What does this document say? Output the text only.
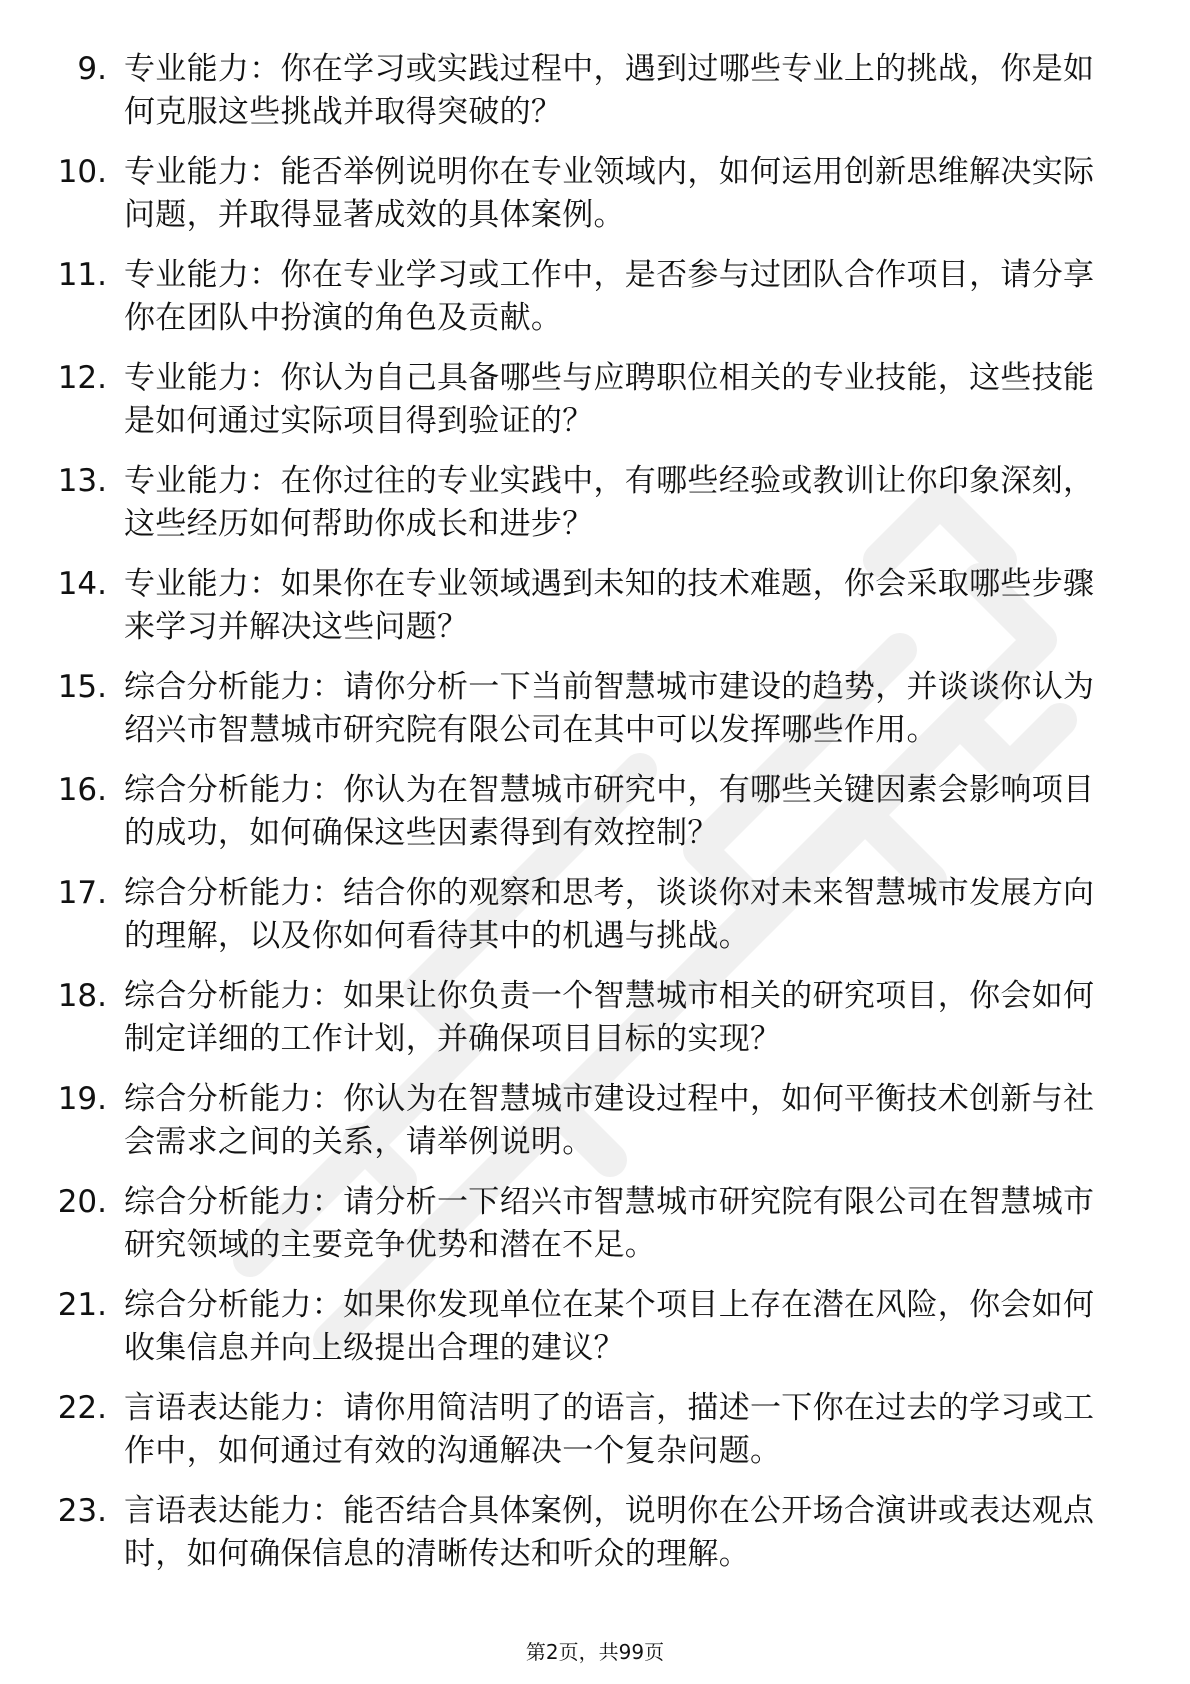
9. 专业能力：你在学习或实践过程中，遇到过哪些专业上的挑战，你是如何克服这些挑战并取得突破的？
10. 专业能力：能否举例说明你在专业领域内，如何运用创新思维解决实际问题，并取得显著成效的具体案例。
11. 专业能力：你在专业学习或工作中，是否参与过团队合作项目，请分享你在团队中扮演的角色及贡献。
12. 专业能力：你认为自己具备哪些与应聘职位相关的专业技能，这些技能是如何通过实际项目得到验证的？
13. 专业能力：在你过往的专业实践中，有哪些经验或教训让你印象深刻，这些经历如何帮助你成长和进步？
14. 专业能力：如果你在专业领域遇到未知的技术难题，你会采取哪些步骤来学习并解决这些问题？
15. 综合分析能力：请你分析一下当前智慧城市建设的趋势，并谈谈你认为绍兴市智慧城市研究院有限公司在其中可以发挥哪些作用。
16. 综合分析能力：你认为在智慧城市研究中，有哪些关键因素会影响项目的成功，如何确保这些因素得到有效控制？
17. 综合分析能力：结合你的观察和思考，谈谈你对未来智慧城市发展方向的理解，以及你如何看待其中的机遇与挑战。
18. 综合分析能力：如果让你负责一个智慧城市相关的研究项目，你会如何制定详细的工作计划，并确保项目目标的实现？
19. 综合分析能力：你认为在智慧城市建设过程中，如何平衡技术创新与社会需求之间的关系，请举例说明。
20. 综合分析能力：请分析一下绍兴市智慧城市研究院有限公司在智慧城市研究领域的主要竞争优势和潜在不足。
21. 综合分析能力：如果你发现单位在某个项目上存在潜在风险，你会如何收集信息并向上级提出合理的建议？
22. 言语表达能力：请你用简洁明了的语言，描述一下你在过去的学习或工作中，如何通过有效的沟通解决一个复杂问题。
23. 言语表达能力：能否结合具体案例，说明你在公开场合演讲或表达观点时，如何确保信息的清晰传达和听众的理解。
第2页，共99页
